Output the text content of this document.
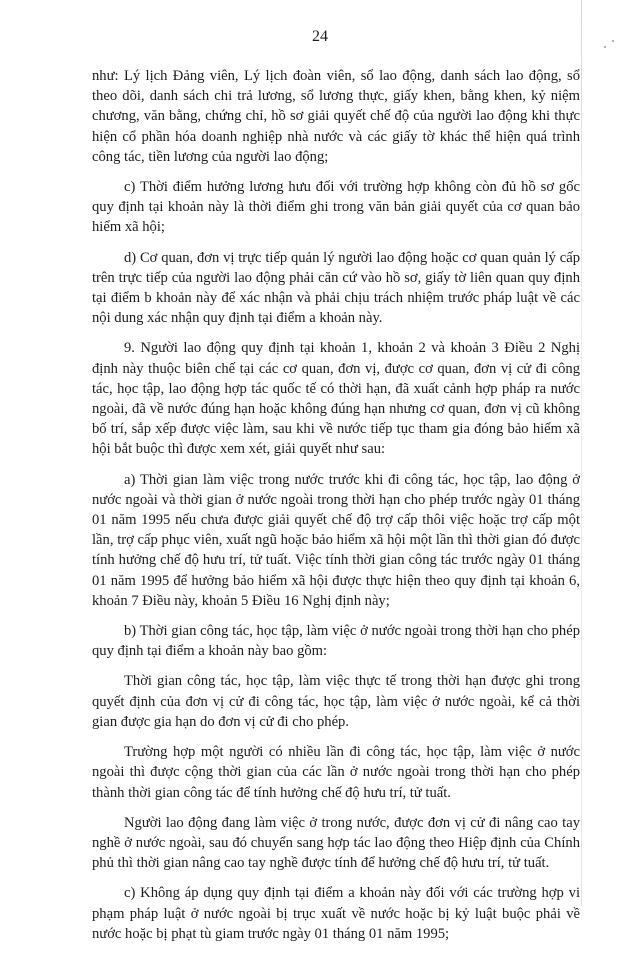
24

như: Lý lịch Đảng viên, Lý lịch đoàn viên, sổ lao động, danh sách lao động, sổ theo dõi, danh sách chi trả lương, sổ lương thực, giấy khen, bằng khen, kỷ niệm chương, văn bằng, chứng chỉ, hồ sơ giải quyết chế độ của người lao động khi thực hiện cổ phần hóa doanh nghiệp nhà nước và các giấy tờ khác thể hiện quá trình công tác, tiền lương của người lao động;

c) Thời điểm hưởng lương hưu đối với trường hợp không còn đủ hồ sơ gốc quy định tại khoản này là thời điểm ghi trong văn bản giải quyết của cơ quan bảo hiểm xã hội;

d) Cơ quan, đơn vị trực tiếp quản lý người lao động hoặc cơ quan quản lý cấp trên trực tiếp của người lao động phải căn cứ vào hồ sơ, giấy tờ liên quan quy định tại điểm b khoản này để xác nhận và phải chịu trách nhiệm trước pháp luật về các nội dung xác nhận quy định tại điểm a khoản này.

9. Người lao động quy định tại khoản 1, khoản 2 và khoản 3 Điều 2 Nghị định này thuộc biên chế tại các cơ quan, đơn vị, được cơ quan, đơn vị cử đi công tác, học tập, lao động hợp tác quốc tế có thời hạn, đã xuất cảnh hợp pháp ra nước ngoài, đã về nước đúng hạn hoặc không đúng hạn nhưng cơ quan, đơn vị cũ không bố trí, sắp xếp được việc làm, sau khi về nước tiếp tục tham gia đóng bảo hiểm xã hội bắt buộc thì được xem xét, giải quyết như sau:

a) Thời gian làm việc trong nước trước khi đi công tác, học tập, lao động ở nước ngoài và thời gian ở nước ngoài trong thời hạn cho phép trước ngày 01 tháng 01 năm 1995 nếu chưa được giải quyết chế độ trợ cấp thôi việc hoặc trợ cấp một lần, trợ cấp phục viên, xuất ngũ hoặc bảo hiểm xã hội một lần thì thời gian đó được tính hưởng chế độ hưu trí, tử tuất. Việc tính thời gian công tác trước ngày 01 tháng 01 năm 1995 để hưởng bảo hiểm xã hội được thực hiện theo quy định tại khoản 6, khoản 7 Điều này, khoản 5 Điều 16 Nghị định này;

b) Thời gian công tác, học tập, làm việc ở nước ngoài trong thời hạn cho phép quy định tại điểm a khoản này bao gồm:

Thời gian công tác, học tập, làm việc thực tế trong thời hạn được ghi trong quyết định của đơn vị cử đi công tác, học tập, làm việc ở nước ngoài, kể cả thời gian được gia hạn do đơn vị cử đi cho phép.

Trường hợp một người có nhiều lần đi công tác, học tập, làm việc ở nước ngoài thì được cộng thời gian của các lần ở nước ngoài trong thời hạn cho phép thành thời gian công tác để tính hưởng chế độ hưu trí, tử tuất.

Người lao động đang làm việc ở trong nước, được đơn vị cử đi nâng cao tay nghề ở nước ngoài, sau đó chuyển sang hợp tác lao động theo Hiệp định của Chính phủ thì thời gian nâng cao tay nghề được tính để hưởng chế độ hưu trí, tử tuất.

c) Không áp dụng quy định tại điểm a khoản này đối với các trường hợp vi phạm pháp luật ở nước ngoài bị trục xuất về nước hoặc bị kỷ luật buộc phải về nước hoặc bị phạt tù giam trước ngày 01 tháng 01 năm 1995;
